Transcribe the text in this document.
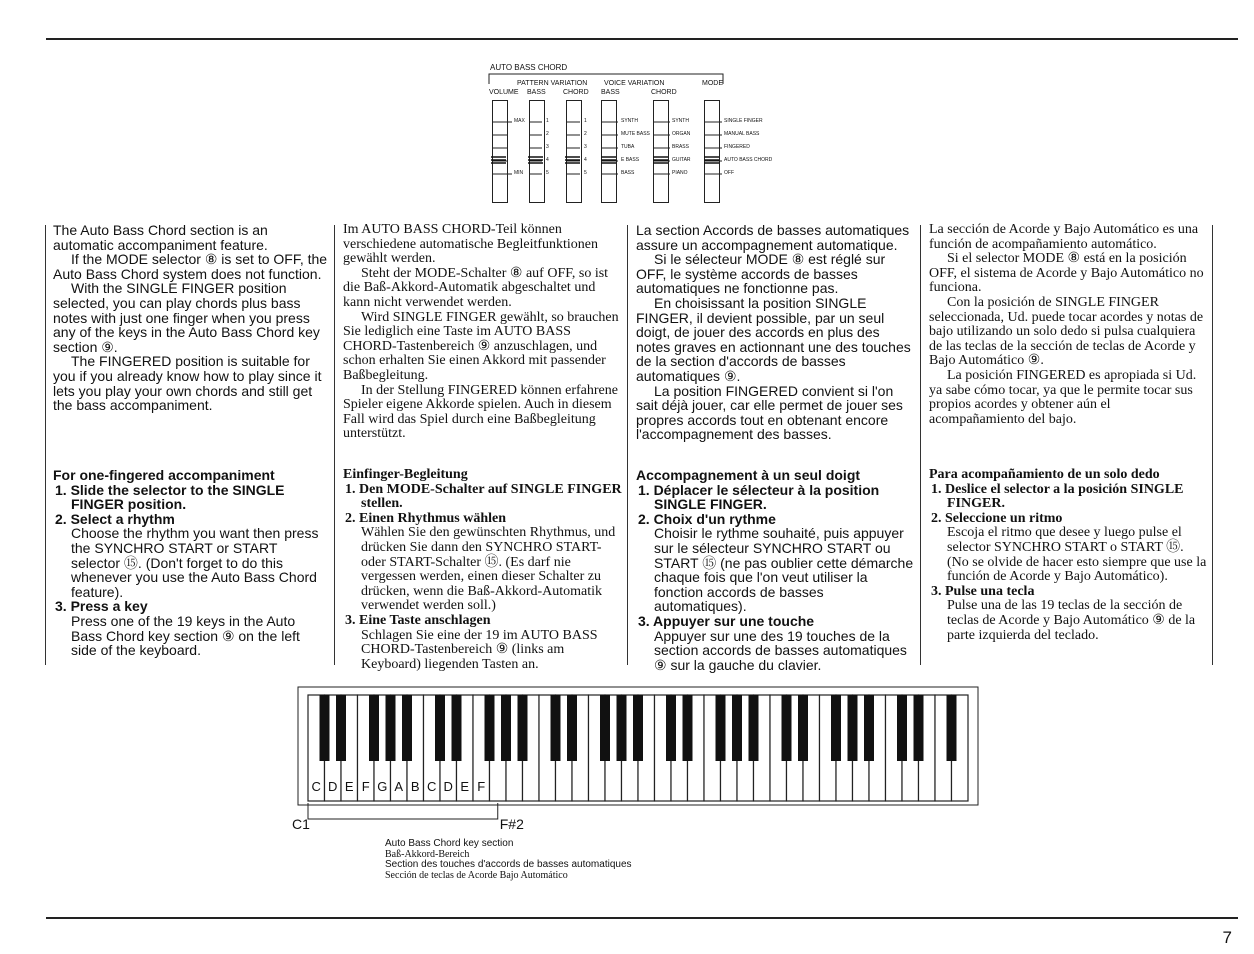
AUTO BASS CHORD
PATTERN VARIATION VOICE VARIATION	MODE
VOLUME BASS CHORD BASS	CHORD
MAX
MIN
1
2
3
4
5
1
2
3
4
5
SYNTH
MUTE BASS
TUBA
E BASS
BASS
SYNTH
ORGAN
BRASS
GUITAR
PIANO
SINGLE FINGER
MANUAL BASS
FINGERED
AUTO BASS CHORD
OFF

The Auto Bass Chord section is an automatic accompaniment feature.

If the MODE selector ⑧ is set to OFF, the Auto Bass Chord system does not function.

With the SINGLE FINGER position selected, you can play chords plus bass notes with just one finger when you press any of the keys in the Auto Bass Chord key section ⑨.

The FINGERED position is suitable for you if you already know how to play since it lets you play your own chords and still get the bass accompaniment.

For one-fingered accompaniment
1. Slide the selector to the SINGLE FINGER position.
2. Select a rhythm
Choose the rhythm you want then press the SYNCHRO START or START selector ⑮. (Don't forget to do this whenever you use the Auto Bass Chord feature).
3. Press a key
Press one of the 19 keys in the Auto Bass Chord key section ⑨ on the left side of the keyboard.

Im AUTO BASS CHORD-Teil können verschiedene automatische Begleitfunktionen gewählt werden.

Steht der MODE-Schalter ⑧ auf OFF, so ist die Baß-Akkord-Automatik abgeschaltet und kann nicht verwendet werden.

Wird SINGLE FINGER gewählt, so brauchen Sie lediglich eine Taste im AUTO BASS CHORD-Tastenbereich ⑨ anzuschlagen, und schon erhalten Sie einen Akkord mit passender Baßbegleitung.

In der Stellung FINGERED können erfahrene Spieler eigene Akkorde spielen. Auch in diesem Fall wird das Spiel durch eine Baßbegleitung unterstützt.

Einfinger-Begleitung
1. Den MODE-Schalter auf SINGLE FINGER stellen.
2. Einen Rhythmus wählen
Wählen Sie den gewünschten Rhythmus, und drücken Sie dann den SYNCHRO START- oder START-Schalter ⑮. (Es darf nie vergessen werden, einen dieser Schalter zu drücken, wenn die Baß-Akkord-Automatik verwendet werden soll.)
3. Eine Taste anschlagen
Schlagen Sie eine der 19 im AUTO BASS CHORD-Tastenbereich ⑨ (links am Keyboard) liegenden Tasten an.

La section Accords de basses automatiques assure un accompagnement automatique.

Si le sélecteur MODE ⑧ est réglé sur OFF, le système accords de basses automatiques ne fonctionne pas.

En choisissant la position SINGLE FINGER, il devient possible, par un seul doigt, de jouer des accords en plus des notes graves en actionnant une des touches de la section d'accords de basses automatiques ⑨.

La position FINGERED convient si l'on sait déjà jouer, car elle permet de jouer ses propres accords tout en obtenant encore l'accompagnement des basses.

Accompagnement à un seul doigt
1. Déplacer le sélecteur à la position SINGLE FINGER.
2. Choix d'un rythme
Choisir le rythme souhaité, puis appuyer sur le sélecteur SYNCHRO START ou START ⑮ (ne pas oublier cette démarche chaque fois que l'on veut utiliser la fonction accords de basses automatiques).
3. Appuyer sur une touche
Appuyer sur une des 19 touches de la section accords de basses automatiques ⑨ sur la gauche du clavier.

La sección de Acorde y Bajo Automático es una función de acompañamiento automático.

Si el selector MODE ⑧ está en la posición OFF, el sistema de Acorde y Bajo Automático no funciona.

Con la posición de SINGLE FINGER seleccionada, Ud. puede tocar acordes y notas de bajo utilizando un solo dedo si pulsa cualquiera de las teclas de la sección de teclas de Acorde y Bajo Automático ⑨.

La posición FINGERED es apropiada si Ud. ya sabe cómo tocar, ya que le permite tocar sus propios acordes y obtener aún el acompañamiento del bajo.

Para acompañamiento de un solo dedo
1. Deslice el selector a la posición SINGLE FINGER.
2. Seleccione un ritmo
Escoja el ritmo que desee y luego pulse el selector SYNCHRO START o START ⑮. (No se olvide de hacer esto siempre que use la función de Acorde y Bajo Automático).
3. Pulse una tecla
Pulse una de las 19 teclas de la sección de teclas de Acorde y Bajo Automático ⑨ de la parte izquierda del teclado.
C D E F G A B C D E F
C1	F#2
Auto Bass Chord key section
Baß-Akkord-Bereich
Section des touches d'accords de basses automatiques
Sección de teclas de Acorde Bajo Automático
7
